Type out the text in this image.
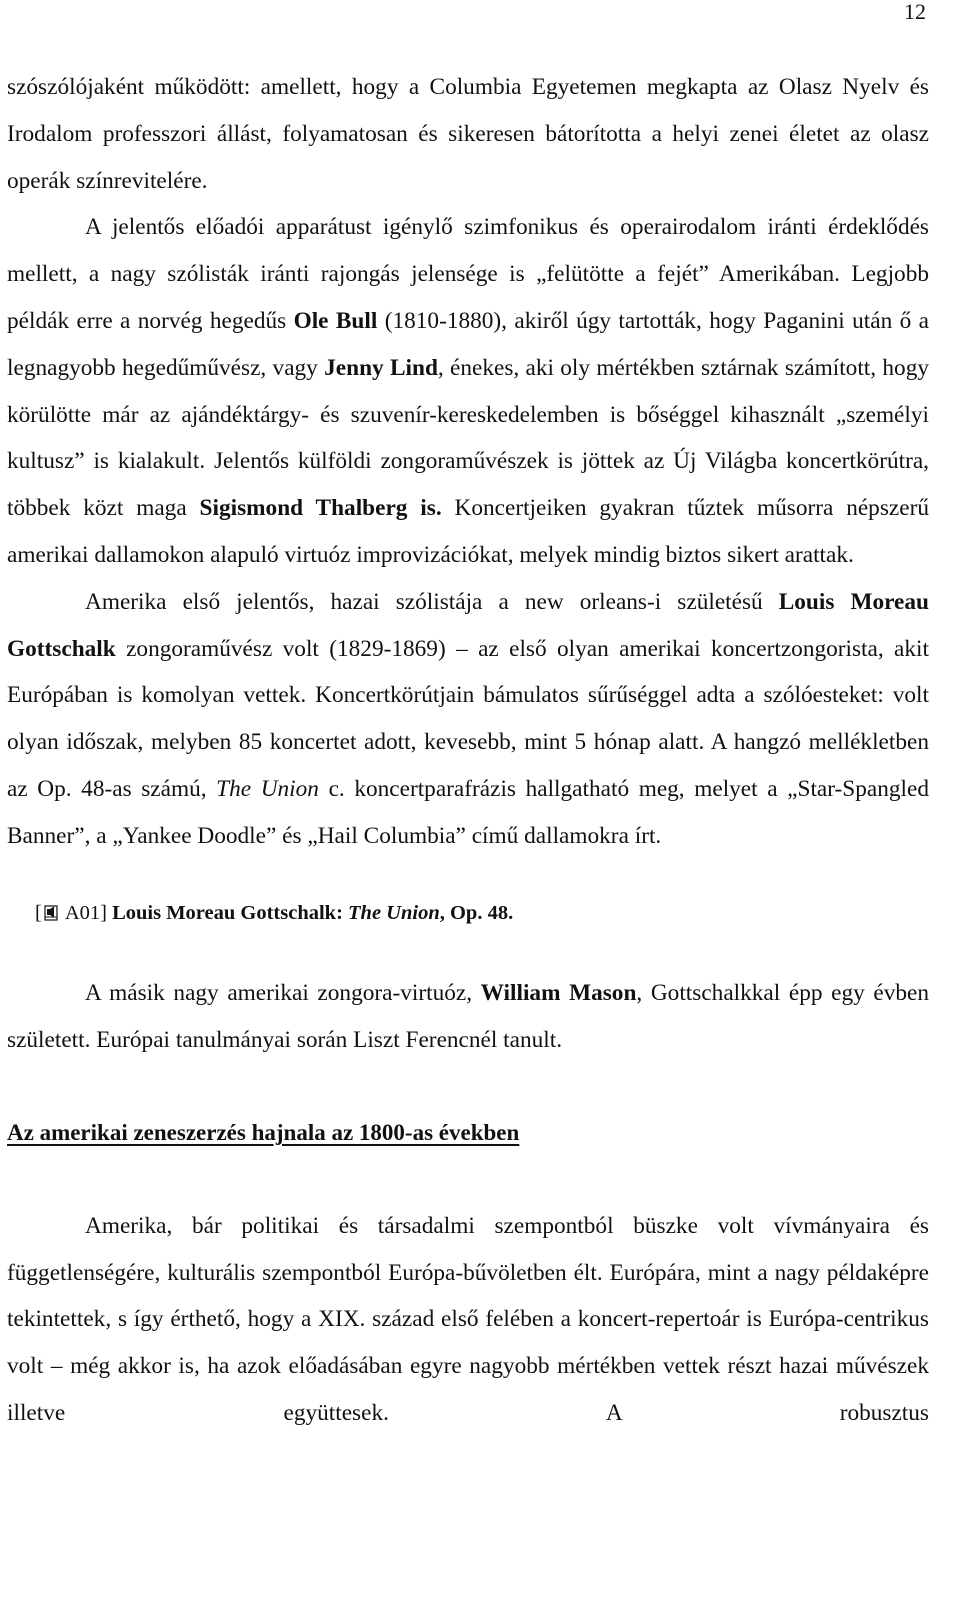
12

szószólójaként működött: amellett, hogy a Columbia Egyetemen megkapta az Olasz Nyelv és Irodalom professzori állást, folyamatosan és sikeresen bátorította a helyi zenei életet az olasz operák színrevitelére.

A jelentős előadói apparátust igénylő szimfonikus és operairodalom iránti érdeklődés mellett, a nagy szólisták iránti rajongás jelensége is „felütötte a fejét” Amerikában. Legjobb példák erre a norvég hegedűs Ole Bull (1810-1880), akiről úgy tartották, hogy Paganini után ő a legnagyobb hegedűművész, vagy Jenny Lind, énekes, aki oly mértékben sztárnak számított, hogy körülötte már az ajándéktárgy- és szuvenír-kereskedelemben is bőséggel kihasznált „személyi kultusz” is kialakult. Jelentős külföldi zongoraművészek is jöttek az Új Világba koncertkörútra, többek közt maga Sigismond Thalberg is. Koncertjeiken gyakran tűztek műsorra népszerű amerikai dallamokon alapuló virtuóz improvizációkat, melyek mindig biztos sikert arattak.

Amerika első jelentős, hazai szólistája a new orleans-i születésű Louis Moreau Gottschalk zongoraművész volt (1829-1869) – az első olyan amerikai koncertzongorista, akit Európában is komolyan vettek. Koncertkörútjain bámulatos sűrűséggel adta a szólóesteket: volt olyan időszak, melyben 85 koncertet adott, kevesebb, mint 5 hónap alatt. A hangzó mellékletben az Op. 48-as számú, The Union c. koncertparafrázis hallgatható meg, melyet a „Star-Spangled Banner”, a „Yankee Doodle” és „Hail Columbia” című dallamokra írt.

[ A01] Louis Moreau Gottschalk: The Union, Op. 48.

A másik nagy amerikai zongora-virtuóz, William Mason, Gottschalkkal épp egy évben született. Európai tanulmányai során Liszt Ferencnél tanult.

Az amerikai zeneszerzés hajnala az 1800-as években

Amerika, bár politikai és társadalmi szempontból büszke volt vívmányaira és függetlenségére, kulturális szempontból Európa-bűvöletben élt. Európára, mint a nagy példaképre tekintettek, s így érthető, hogy a XIX. század első felében a koncert-repertoár is Európa-centrikus volt – még akkor is, ha azok előadásában egyre nagyobb mértékben vettek részt hazai művészek illetve együttesek. A robusztus
